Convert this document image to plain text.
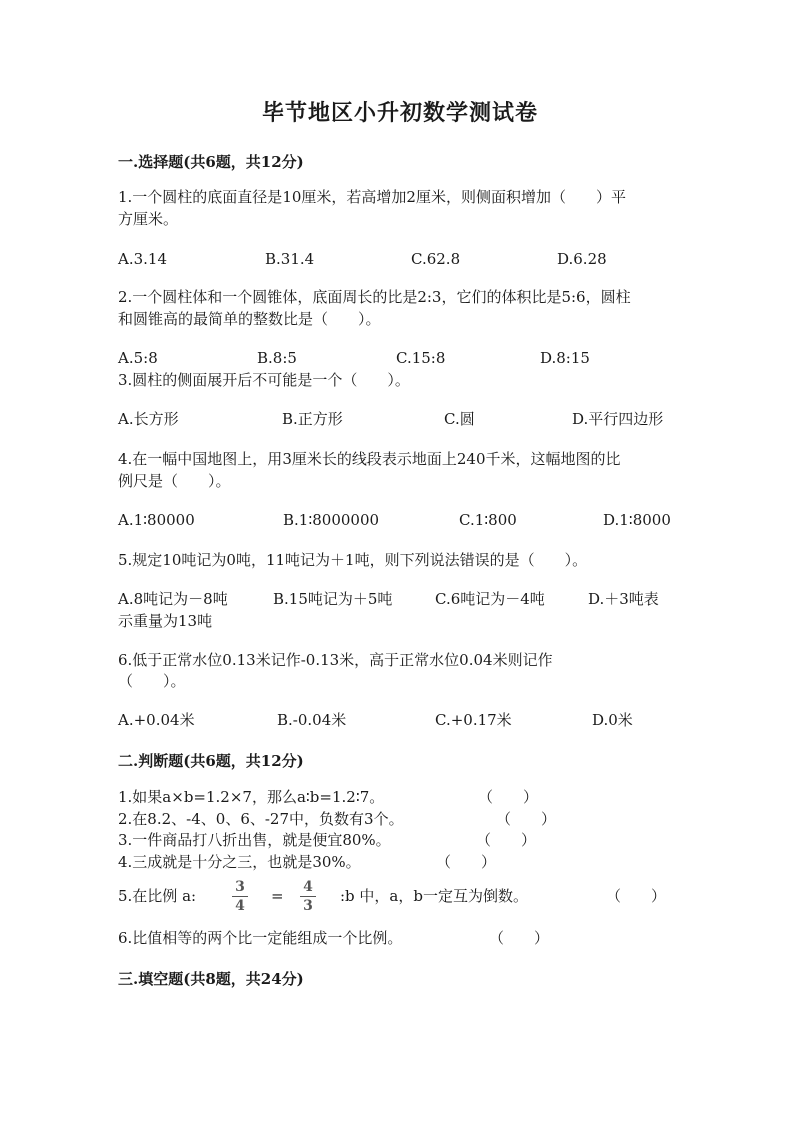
毕节地区小升初数学测试卷
一.选择题(共6题，共12分)
1.一个圆柱的底面直径是10厘米，若高增加2厘米，则侧面积增加（　　）平
方厘米。
A.3.14	B.31.4	C.62.8	D.6.28
2.一个圆柱体和一个圆锥体，底面周长的比是2:3，它们的体积比是5:6，圆柱
和圆锥高的最简单的整数比是（　　）。
A.5:8	B.8:5	C.15:8	D.8:15
3.圆柱的侧面展开后不可能是一个（　　）。
A.长方形	B.正方形	C.圆	D.平行四边形
4.在一幅中国地图上，用3厘米长的线段表示地面上240千米，这幅地图的比
例尺是（　　）。
A.1∶80000	B.1∶8000000	C.1∶800	D.1∶8000
5.规定10吨记为0吨，11吨记为＋1吨，则下列说法错误的是（　　）。
A.8吨记为－8吨	B.15吨记为＋5吨	C.6吨记为－4吨	D.＋3吨表
示重量为13吨
6.低于正常水位0.13米记作-0.13米，高于正常水位0.04米则记作
（　　）。
A.+0.04米	B.-0.04米	C.+0.17米	D.0米
二.判断题(共6题，共12分)
1.如果a×b=1.2×7，那么a∶b=1.2∶7。	（　　）
2.在8.2、-4、0、6、-27中，负数有3个。	（　　）
3.一件商品打八折出售，就是便宜80%。	（　　）
4.三成就是十分之三，也就是30%。	（　　）
5.在比例 a:	$\frac{3}{4} = \frac{4}{3}$ :b 中，a，b一定互为倒数。	（　　）
6.比值相等的两个比一定能组成一个比例。	（　　）
三.填空题(共8题，共24分)
